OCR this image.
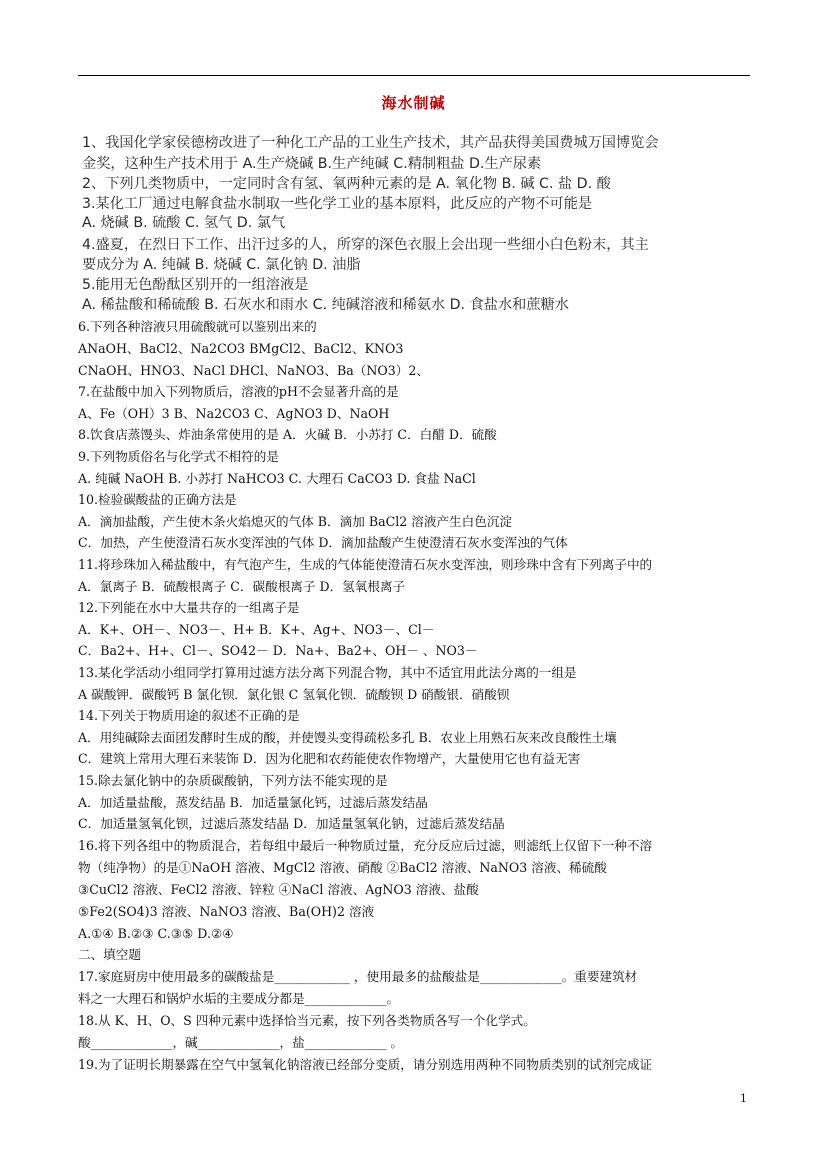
海水制碱
1、我国化学家侯德榜改进了一种化工产品的工业生产技术，其产品获得美国费城万国博览会
金奖，这种生产技术用于 A.生产烧碱 B.生产纯碱 C.精制粗盐 D.生产尿素
2、下列几类物质中，一定同时含有氢、氧两种元素的是 A. 氧化物 B. 碱 C. 盐 D. 酸
3.某化工厂通过电解食盐水制取一些化学工业的基本原料，此反应的产物不可能是
A. 烧碱 B. 硫酸 C. 氢气 D. 氯气
4.盛夏，在烈日下工作、出汗过多的人，所穿的深色衣服上会出现一些细小白色粉末，其主
要成分为 A. 纯碱 B. 烧碱 C. 氯化钠 D. 油脂
5.能用无色酚酞区别开的一组溶液是
A. 稀盐酸和稀硫酸 B. 石灰水和雨水 C. 纯碱溶液和稀氨水 D. 食盐水和蔗糖水
6.下列各种溶液只用硫酸就可以鉴别出来的
ANaOH、BaCl2、Na2CO3 BMgCl2、BaCl2、KNO3
CNaOH、HNO3、NaCl DHCl、NaNO3、Ba（NO3）2、
7.在盐酸中加入下列物质后，溶液的pH不会显著升高的是
A、Fe（OH）3 B、Na2CO3 C、AgNO3 D、NaOH
8.饮食店蒸馒头、炸油条常使用的是 A．火碱 B．小苏打 C．白醋 D．硫酸
9.下列物质俗名与化学式不相符的是
A. 纯碱 NaOH B. 小苏打 NaHCO3 C. 大理石 CaCO3 D. 食盐 NaCl
10.检验碳酸盐的正确方法是
A．滴加盐酸，产生使木条火焰熄灭的气体 B．滴加 BaCl2 溶液产生白色沉淀
C．加热，产生使澄清石灰水变浑浊的气体 D．滴加盐酸产生使澄清石灰水变浑浊的气体
11.将珍珠加入稀盐酸中，有气泡产生，生成的气体能使澄清石灰水变浑浊，则珍珠中含有下列离子中的
A．氯离子 B．硫酸根离子 C．碳酸根离子 D．氢氧根离子
12.下列能在水中大量共存的一组离子是
A．K+、OH－、NO3－、H+ B．K+、Ag+、NO3－、Cl－
C．Ba2+、H+、Cl－、SO42－ D．Na+、Ba2+、OH－ 、NO3－
13.某化学活动小组同学打算用过滤方法分离下列混合物，其中不适宜用此法分离的一组是
A 碳酸钾．碳酸钙 B 氯化钡．氯化银 C 氢氧化钡．硫酸钡 D 硝酸银．硝酸钡
14.下列关于物质用途的叙述不正确的是
A．用纯碱除去面团发酵时生成的酸，并使馒头变得疏松多孔 B．农业上用熟石灰来改良酸性土壤
C．建筑上常用大理石来装饰 D．因为化肥和农药能使农作物增产，大量使用它也有益无害
15.除去氯化钠中的杂质碳酸钠，下列方法不能实现的是
A．加适量盐酸，蒸发结晶 B．加适量氯化钙，过滤后蒸发结晶
C．加适量氢氧化钡，过滤后蒸发结晶 D．加适量氢氧化钠，过滤后蒸发结晶
16.将下列各组中的物质混合，若每组中最后一种物质过量，充分反应后过滤，则滤纸上仅留下一种不溶
物（纯净物）的是①NaOH 溶液、MgCl2 溶液、硝酸 ②BaCl2 溶液、NaNO3 溶液、稀硫酸
③CuCl2 溶液、FeCl2 溶液、锌粒 ④NaCl 溶液、AgNO3 溶液、盐酸
⑤Fe2(SO4)3 溶液、NaNO3 溶液、Ba(OH)2 溶液
A.①④ B.②③ C.③⑤ D.②④
二、填空题
17.家庭厨房中使用最多的碳酸盐是____________ ，使用最多的盐酸盐是_____________。重要建筑材
料之一大理石和锅炉水垢的主要成分都是_____________。
18.从 K、H、O、S 四种元素中选择恰当元素，按下列各类物质各写一个化学式。
酸_____________，碱_____________，盐_____________ 。
19.为了证明长期暴露在空气中氢氧化钠溶液已经部分变质，请分别选用两种不同物质类别的试剂完成证
1
